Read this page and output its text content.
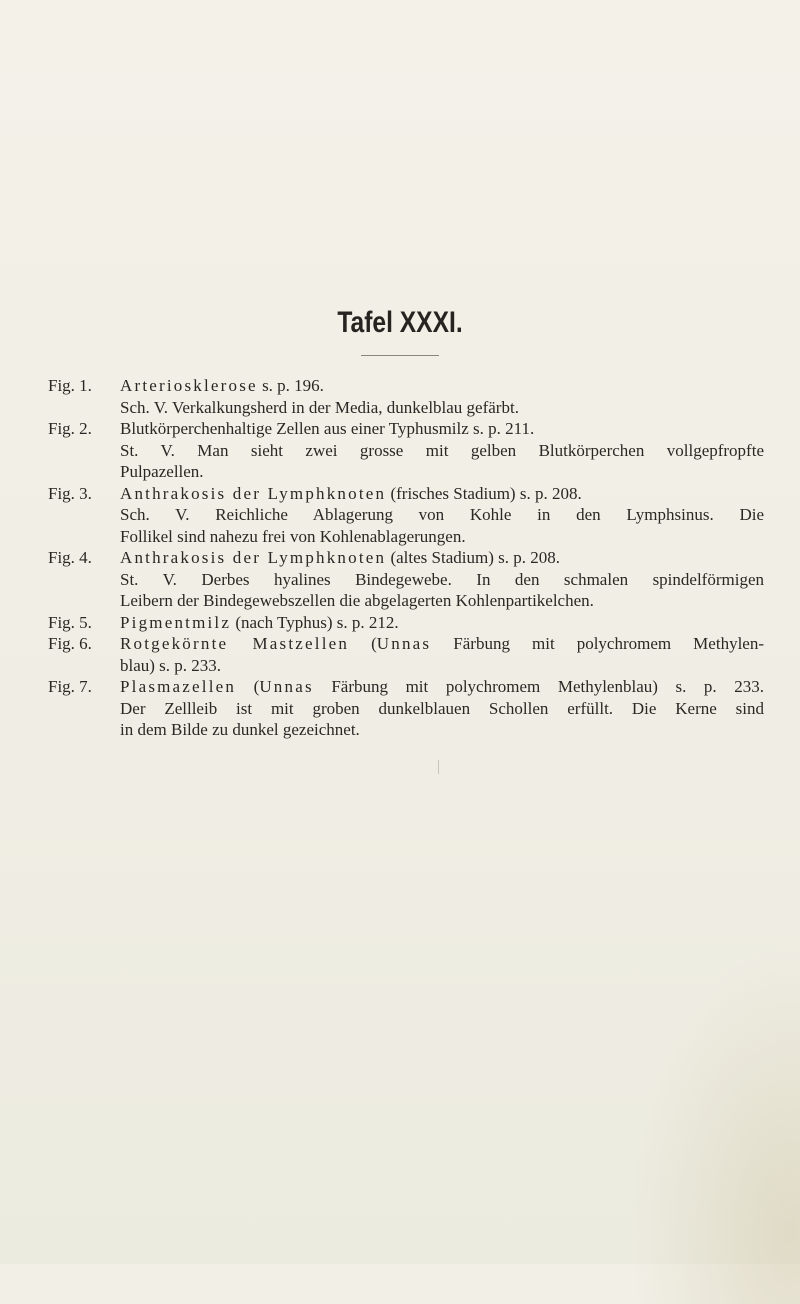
Tafel XXXI.
Fig. 1.	Arteriosklerose s. p. 196.
Sch. V. Verkalkungsherd in der Media, dunkelblau gefärbt.
Fig. 2.	Blutkörperchenhaltige Zellen aus einer Typhusmilz s. p. 211.
St. V. Man sieht zwei grosse mit gelben Blutkörperchen vollgepfropfte
Pulpazellen.
Fig. 3.	Anthrakosis der Lymphknoten (frisches Stadium) s. p. 208.
Sch. V. Reichliche Ablagerung von Kohle in den Lymphsinus. Die
Follikel sind nahezu frei von Kohlenablagerungen.
Fig. 4.	Anthrakosis der Lymphknoten (altes Stadium) s. p. 208.
St. V. Derbes hyalines Bindegewebe. In den schmalen spindelförmigen
Leibern der Bindegewebszellen die abgelagerten Kohlenpartikelchen.
Fig. 5.	Pigmentmilz (nach Typhus) s. p. 212.
Fig. 6.	Rotgekörnte Mastzellen (Unnas Färbung mit polychromem Methylen-
blau) s. p. 233.
Fig. 7.	Plasmazellen (Unnas Färbung mit polychromem Methylenblau) s. p. 233.
Der Zellleib ist mit groben dunkelblauen Schollen erfüllt. Die Kerne sind
in dem Bilde zu dunkel gezeichnet.
